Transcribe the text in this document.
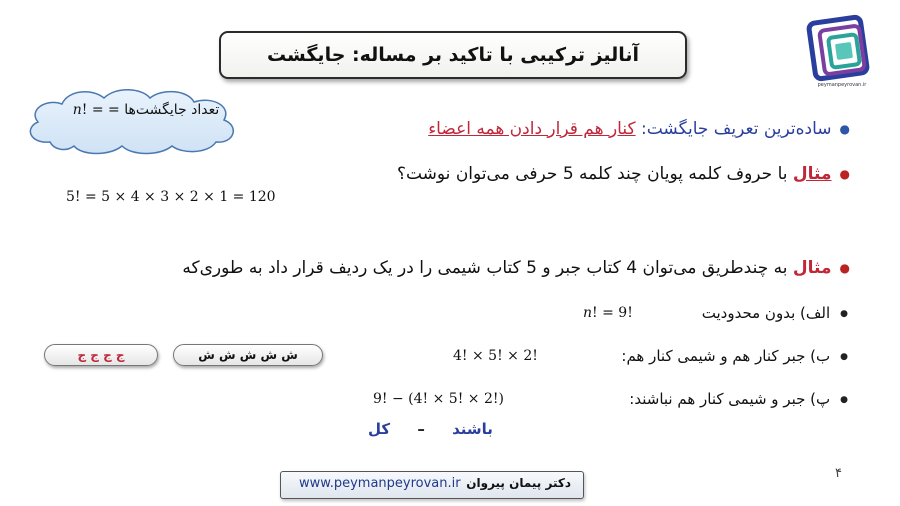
آنالیز ترکیبی با تاکید بر مساله: جایگشت
peymanpeyrovan.ir
تعداد جایگشت‌ها = n! =
5! = 5 × 4 × 3 × 2 × 1 = 120
●ساده‌ترین تعریف جایگشت: کنار هم قرار دادن همه اعضاء
●مثال با حروف کلمه پویان چند کلمه 5 حرفی می‌توان نوشت؟
●مثال به چندطریق می‌توان 4 کتاب جبر و 5 کتاب شیمی را در یک ردیف قرار داد به طوری‌که
●الف) بدون محدودیت
n! = 9!
●ب) جبر کنار هم و شیمی کنار هم:
4! × 5! × 2!
●پ) جبر و شیمی کنار هم نباشند:
9! − (4! × 5! × 2!)
ج ج ج ج	ش ش ش ش ش
باشند – کل
۴
www.peymanpeyrovan.ir دکتر پیمان پیروان
